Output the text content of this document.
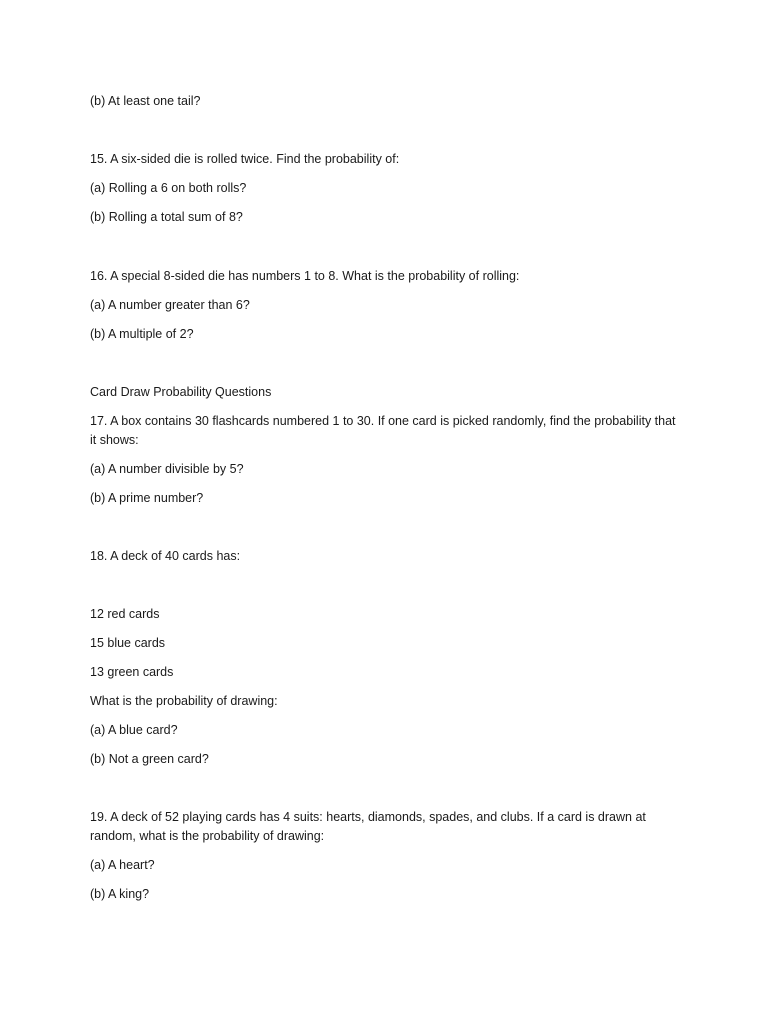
(b) At least one tail?
15. A six-sided die is rolled twice. Find the probability of:
(a) Rolling a 6 on both rolls?
(b) Rolling a total sum of 8?
16. A special 8-sided die has numbers 1 to 8. What is the probability of rolling:
(a) A number greater than 6?
(b) A multiple of 2?
Card Draw Probability Questions
17. A box contains 30 flashcards numbered 1 to 30. If one card is picked randomly, find the probability that it shows:
(a) A number divisible by 5?
(b) A prime number?
18. A deck of 40 cards has:
12 red cards
15 blue cards
13 green cards
What is the probability of drawing:
(a) A blue card?
(b) Not a green card?
19. A deck of 52 playing cards has 4 suits: hearts, diamonds, spades, and clubs. If a card is drawn at random, what is the probability of drawing:
(a) A heart?
(b) A king?
